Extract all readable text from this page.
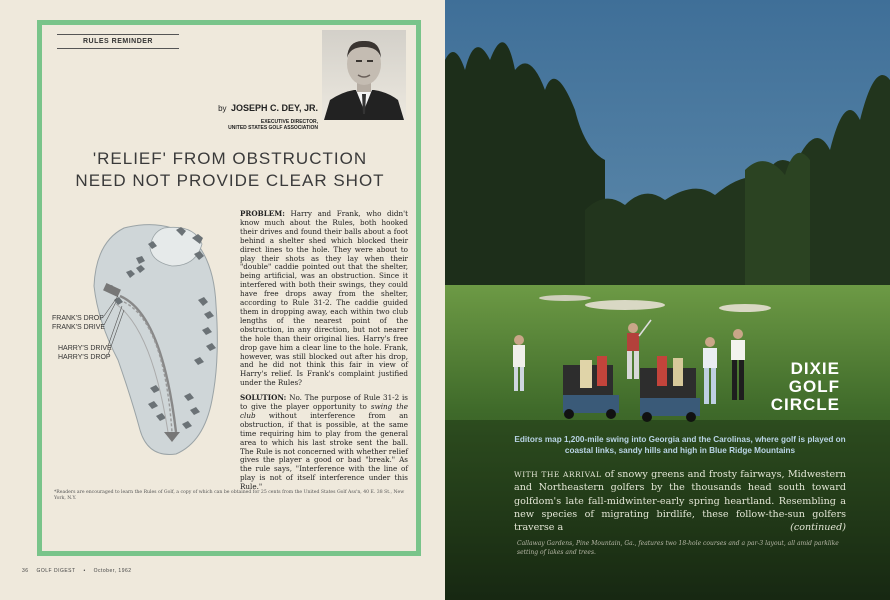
RULES REMINDER
by JOSEPH C. DEY, JR.
EXECUTIVE DIRECTOR,
UNITED STATES GOLF ASSOCIATION
'RELIEF' FROM OBSTRUCTION
NEED NOT PROVIDE CLEAR SHOT
FRANK'S DROP
FRANK'S DRIVE
HARRY'S DRIVE
HARRY'S DROP

PROBLEM: Harry and Frank, who didn't know much about the Rules, both hooked their drives and found their balls about a foot behind a shelter shed which blocked their direct lines to the hole. They were about to play their shots as they lay when their "double" caddie pointed out that the shelter, being artificial, was an obstruction. Since it interfered with both their swings, they could have free drops away from the shelter, according to Rule 31-2. The caddie guided them in dropping away, each within two club lengths of the nearest point of the obstruction, in any direction, but not nearer the hole than their original lies. Harry's free drop gave him a clear line to the hole. Frank, however, was still blocked out after his drop, and he did not think this fair in view of Harry's relief. Is Frank's complaint justified under the Rules?

SOLUTION: No. The purpose of Rule 31-2 is to give the player opportunity to swing the club without interference from an obstruction, if that is possible, at the same time requiring him to play from the general area to which his last stroke sent the ball. The Rule is not concerned with whether relief gives the player a good or bad "break." As the rule says, "Interference with the line of play is not of itself interference under this Rule."

*Readers are encouraged to learn the Rules of Golf, a copy of which can be obtained for 25 cents from the United States Golf Ass'n, 40 E. 38 St., New York, N.Y.
36 GOLF DIGEST • October, 1962
DIXIE
GOLF
CIRCLE
Editors map 1,200-mile swing into Georgia and the Carolinas, where golf is played on coastal links, sandy hills and high in Blue Ridge Mountains
WITH THE ARRIVAL of snowy greens and frosty fairways, Midwestern and Northeastern golfers by the thousands head south toward golfdom's late fall-midwinter-early spring heartland. Resembling a new species of migrating birdlife, these follow-the-sun golfers traverse a	(continued)
Callaway Gardens, Pine Mountain, Ga., features two 18-hole courses and a par-3 layout, all amid parklike setting of lakes and trees.
